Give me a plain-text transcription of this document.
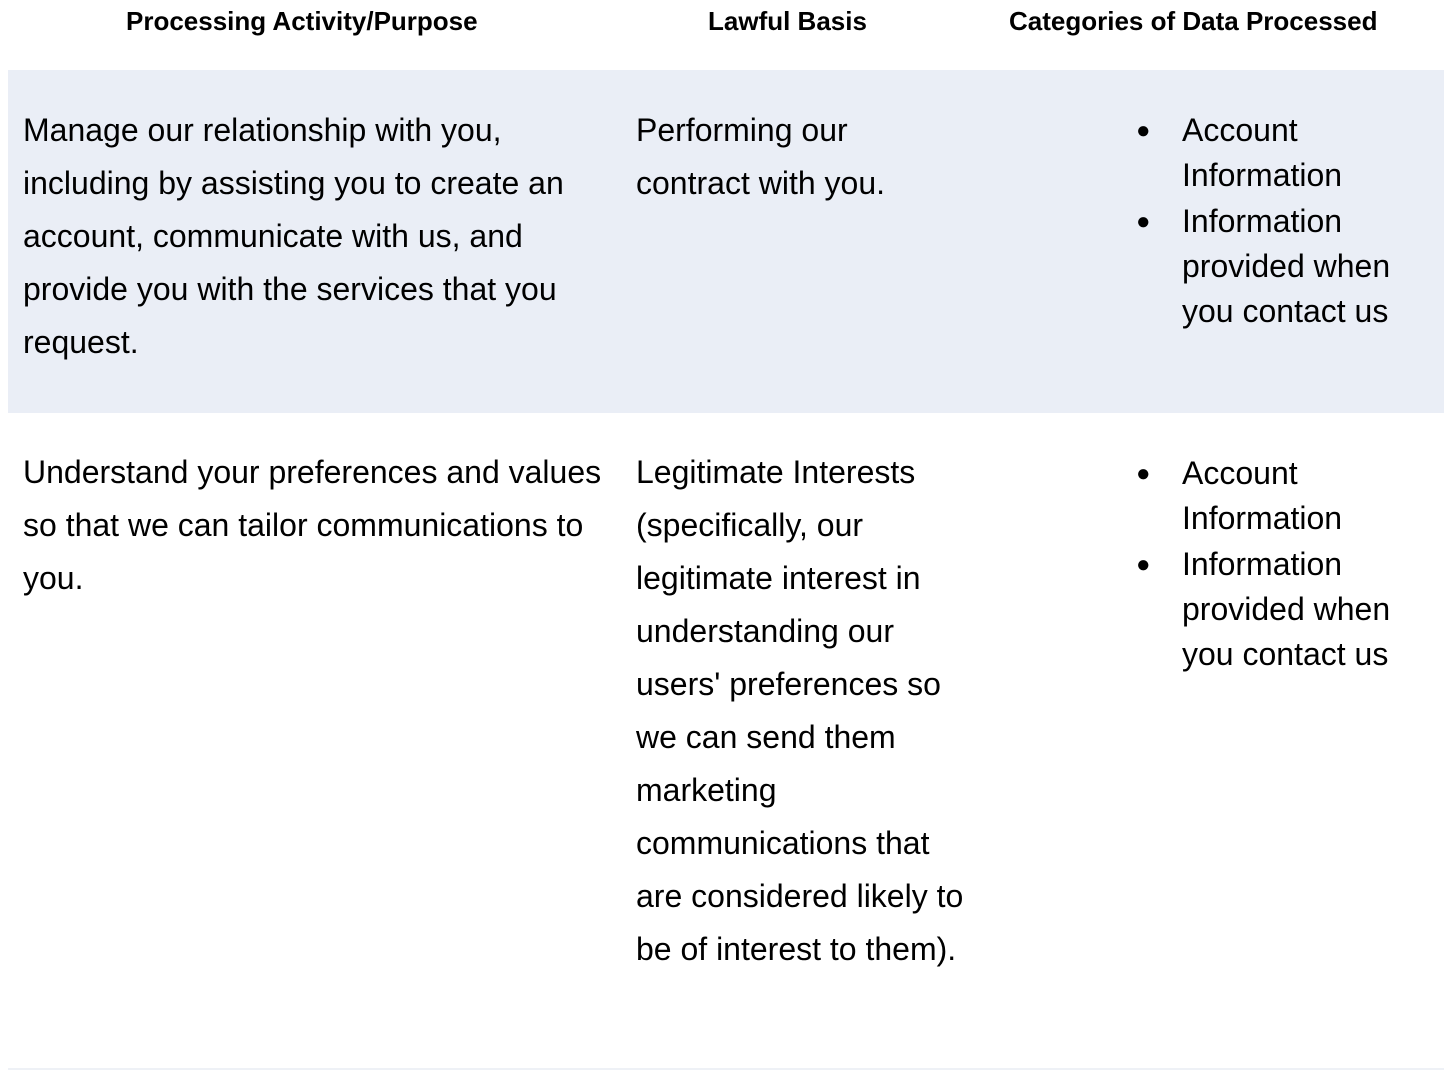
Processing Activity/Purpose	Lawful Basis	Categories of Data Processed

Manage our relationship with you, including by assisting you to create an account, communicate with us, and provide you with the services that you request.

Performing our contract with you.

● Account Information
● Information provided when you contact us

Understand your preferences and values so that we can tailor communications to you.

Legitimate Interests (specifically, our legitimate interest in understanding our users' preferences so we can send them marketing communications that are considered likely to be of interest to them).

● Account Information
● Information provided when you contact us
